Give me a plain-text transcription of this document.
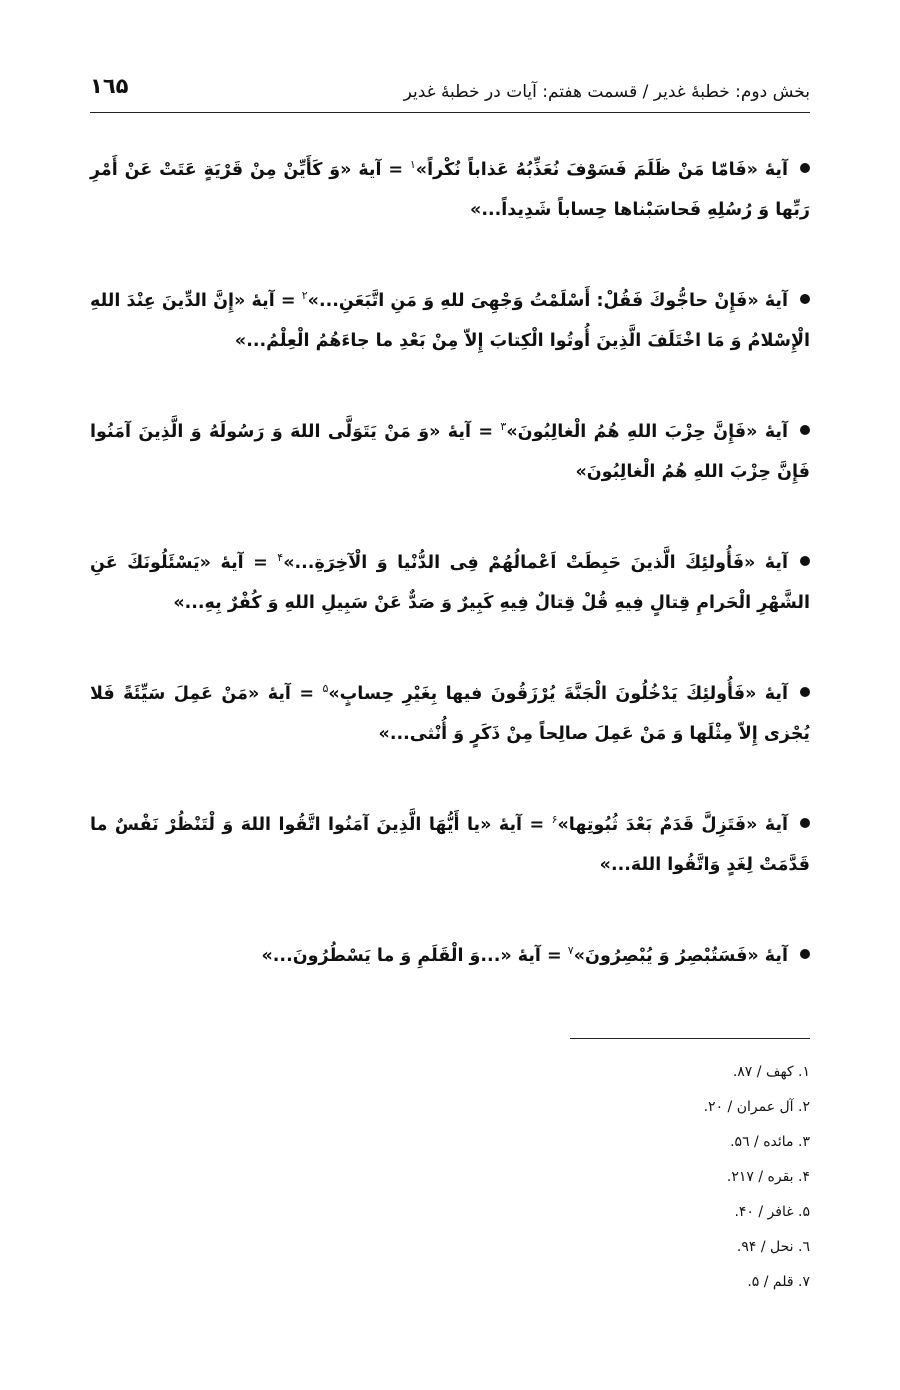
بخش دوم: خطبۀ غدیر / قسمت هفتم: آیات در خطبۀ غدیر
۱٦۵
آیۀ «فَامّا مَنْ ظَلَمَ فَسَوْفَ نُعَذِّبُهُ عَذاباً نُكْراً»$^۱$ = آیۀ «وَ كَأَیِّنْ مِنْ قَرْیَةٍ عَتَتْ عَنْ أَمْرِ رَبِّها وَ رُسُلِهِ فَحاسَبْناها حِساباً شَدِیداً...»
آیۀ «فَإِنْ حاجُّوكَ فَقُلْ: أَسْلَمْتُ وَجْهِیَ للهِ وَ مَنِ اتَّبَعَنِ...»$^۲$ = آیۀ «إِنَّ الدِّینَ عِنْدَ اللهِ الْإِسْلامُ وَ مَا اخْتَلَفَ الَّذِینَ أُوتُوا الْكِتابَ إِلاّ مِنْ بَعْدِ ما جاءَهُمُ الْعِلْمُ...»
آیۀ «فَإِنَّ حِزْبَ اللهِ هُمُ الْغالِبُونَ»$^۳$ = آیۀ «وَ مَنْ یَتَوَلَّی اللهَ وَ رَسُولَهُ وَ الَّذِینَ آمَنُوا فَإِنَّ حِزْبَ اللهِ هُمُ الْغالِبُونَ»
آیۀ «فَأُولئِكَ الَّذینَ حَبِطَتْ اَعْمالُهُمْ فِی الدُّنْیا وَ الْآخِرَةِ...»$^۴$ = آیۀ «یَسْئَلُونَكَ عَنِ الشَّهْرِ الْحَرامِ قِتالٍ فِیهِ قُلْ قِتالٌ فِیهِ كَبِیرٌ وَ صَدٌّ عَنْ سَبِیلِ اللهِ وَ كُفْرٌ بِهِ...»
آیۀ «فَأُولئِكَ یَدْخُلُونَ الْجَنَّةَ یُرْزَقُونَ فیها بِغَیْرِ حِسابٍ»$^۵$ = آیۀ «مَنْ عَمِلَ سَیِّئَةً فَلا یُجْزى إِلاّ مِثْلَها وَ مَنْ عَمِلَ صالِحاً مِنْ ذَكَرٍ وَ أُنْثى...»
آیۀ «فَتَزِلَّ قَدَمٌ بَعْدَ ثُبُوتِها»$^۶$ = آیۀ «یا أَیُّهَا الَّذِینَ آمَنُوا اتَّقُوا اللهَ وَ لْتَنْظُرْ نَفْسٌ ما قَدَّمَتْ لِغَدٍ وَاتَّقُوا اللهَ...»
آیۀ «فَسَتُبْصِرُ وَ یُبْصِرُونَ»$^۷$ = آیۀ «...وَ الْقَلَمِ وَ ما یَسْطُرُونَ...»
۱. كهف / ۸۷.
۲. آل عمران / ۲۰.
۳. مائده / ۵٦.
۴. بقره / ۲۱۷.
۵. غافر / ۴۰.
٦. نحل / ۹۴.
۷. قلم / ۵.
